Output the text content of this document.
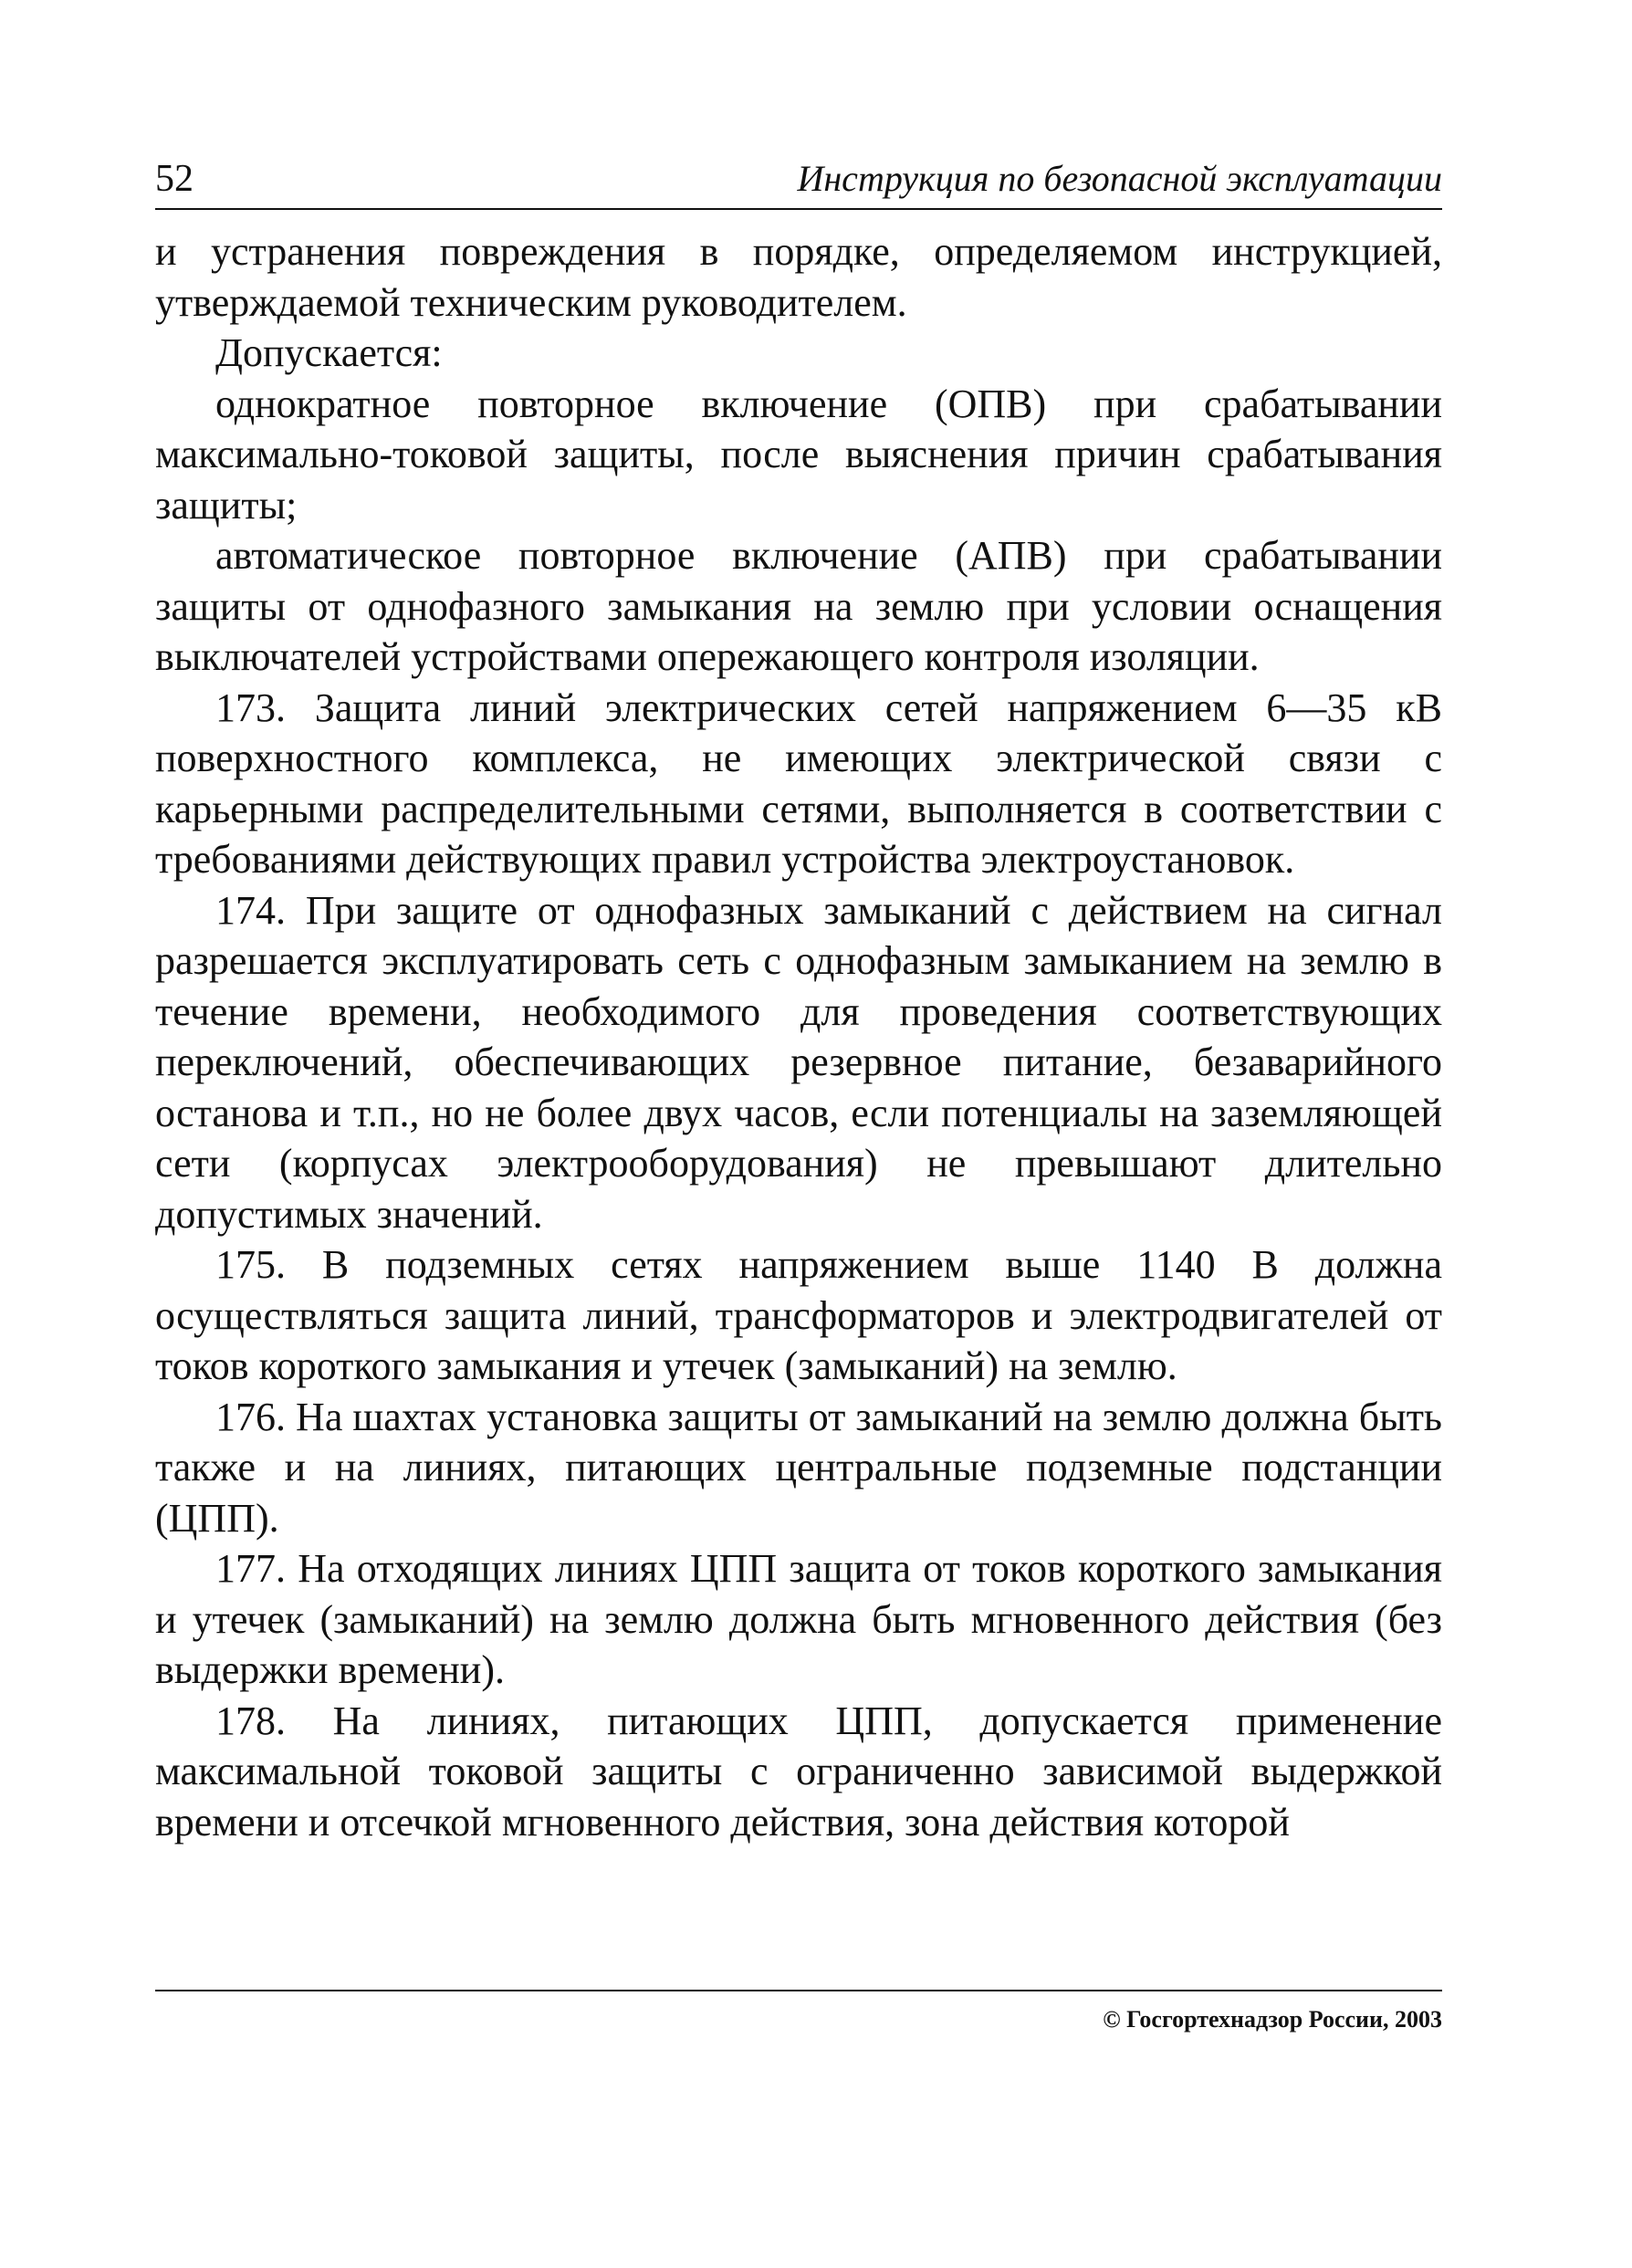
52	Инструкция по безопасной эксплуатации

и устранения повреждения в порядке, определяемом инструкцией, утверждаемой техническим руководителем.

Допускается:

однократное повторное включение (ОПВ) при срабатывании максимально-токовой защиты, после выяснения причин срабатывания защиты;

автоматическое повторное включение (АПВ) при срабатывании защиты от однофазного замыкания на землю при условии оснащения выключателей устройствами опережающего контроля изоляции.

173. Защита линий электрических сетей напряжением 6—35 кВ поверхностного комплекса, не имеющих электрической связи с карьерными распределительными сетями, выполняется в соответствии с требованиями действующих правил устройства электроустановок.

174. При защите от однофазных замыканий с действием на сигнал разрешается эксплуатировать сеть с однофазным замыканием на землю в течение времени, необходимого для проведения соответствующих переключений, обеспечивающих резервное питание, безаварийного останова и т.п., но не более двух часов, если потенциалы на заземляющей сети (корпусах электрооборудования) не превышают длительно допустимых значений.

175. В подземных сетях напряжением выше 1140 В должна осуществляться защита линий, трансформаторов и электродвигателей от токов короткого замыкания и утечек (замыканий) на землю.

176. На шахтах установка защиты от замыканий на землю должна быть также и на линиях, питающих центральные подземные подстанции (ЦПП).

177. На отходящих линиях ЦПП защита от токов короткого замыкания и утечек (замыканий) на землю должна быть мгновенного действия (без выдержки времени).

178. На линиях, питающих ЦПП, допускается применение максимальной токовой защиты с ограниченно зависимой выдержкой времени и отсечкой мгновенного действия, зона действия которой

© Госгортехнадзор России, 2003
